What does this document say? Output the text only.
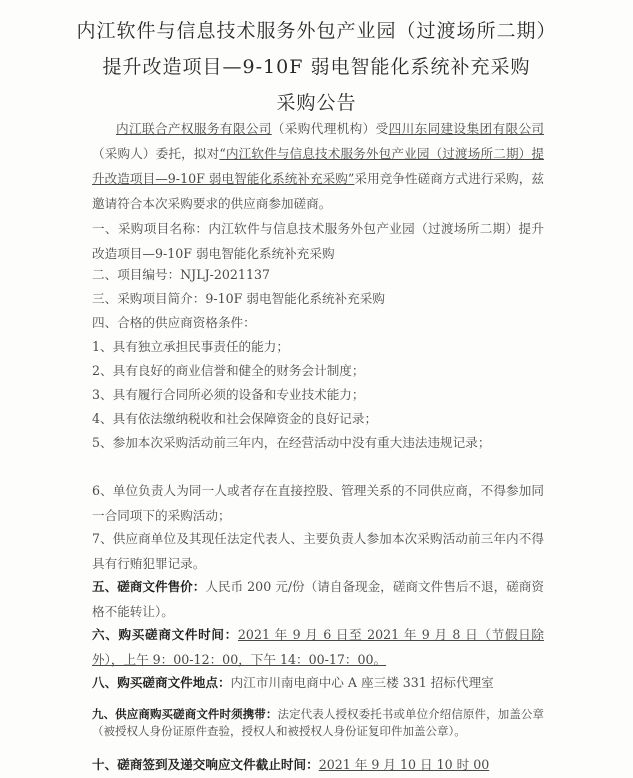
内江软件与信息技术服务外包产业园（过渡场所二期）
提升改造项目—9-10F 弱电智能化系统补充采购
采购公告
内江联合产权服务有限公司（采购代理机构）受四川东同建设集团有限公司（采购人）委托，拟对“内江软件与信息技术服务外包产业园（过渡场所二期）提升改造项目—9-10F 弱电智能化系统补充采购”采用竞争性磋商方式进行采购，兹邀请符合本次采购要求的供应商参加磋商。
一、采购项目名称：内江软件与信息技术服务外包产业园（过渡场所二期）提升改造项目—9-10F 弱电智能化系统补充采购
二、项目编号：NJLJ-2021137
三、采购项目简介：9-10F 弱电智能化系统补充采购
四、合格的供应商资格条件：
1、具有独立承担民事责任的能力；
2、具有良好的商业信誉和健全的财务会计制度；
3、具有履行合同所必须的设备和专业技术能力；
4、具有依法缴纳税收和社会保障资金的良好记录；
5、参加本次采购活动前三年内，在经营活动中没有重大违法违规记录；
6、单位负责人为同一人或者存在直接控股、管理关系的不同供应商，不得参加同一合同项下的采购活动；
7、供应商单位及其现任法定代表人、主要负责人参加本次采购活动前三年内不得具有行贿犯罪记录。
五、磋商文件售价：人民币 200 元/份（请自备现金，磋商文件售后不退，磋商资格不能转让）。
六、购买磋商文件时间：2021 年 9 月 6 日至 2021 年 9 月 8 日（节假日除外），上午 9：00-12：00，下午 14：00-17：00。
八、购买磋商文件地点：内江市川南电商中心 A 座三楼 331 招标代理室
九、供应商购买磋商文件时须携带：法定代表人授权委托书或单位介绍信原件，加盖公章（被授权人身份证原件查验，授权人和被授权人身份证复印件加盖公章）。
十、磋商签到及递交响应文件截止时间：2021 年 9 月 10 日 10 时 00
